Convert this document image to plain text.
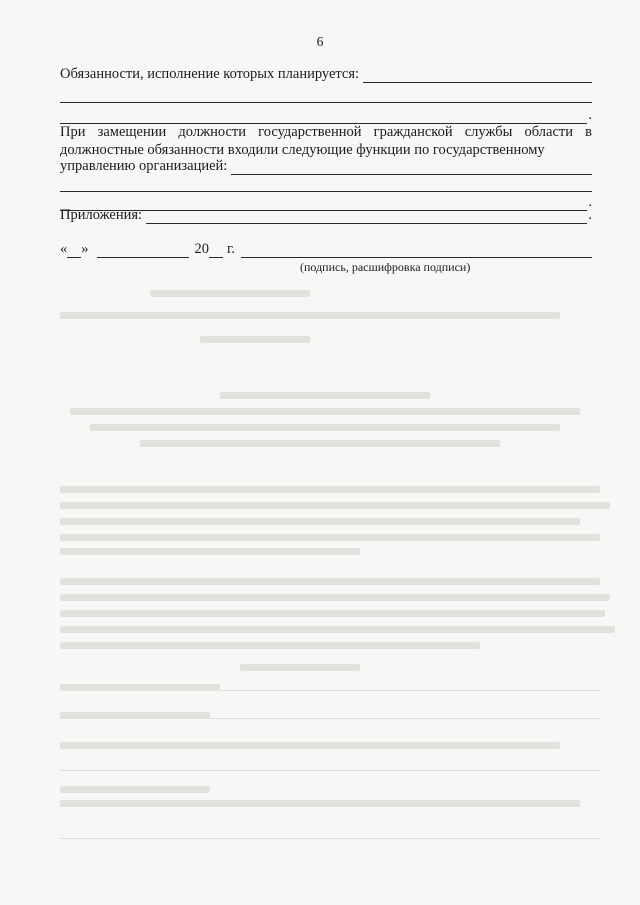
6
Обязанности, исполнение которых планируется:
.
При замещении должности государственной гражданской службы области в должностные обязанности входили следующие функции по государственному
управлению организацией:
.
Приложения:	.
« »	20 г.
(подпись, расшифровка подписи)
